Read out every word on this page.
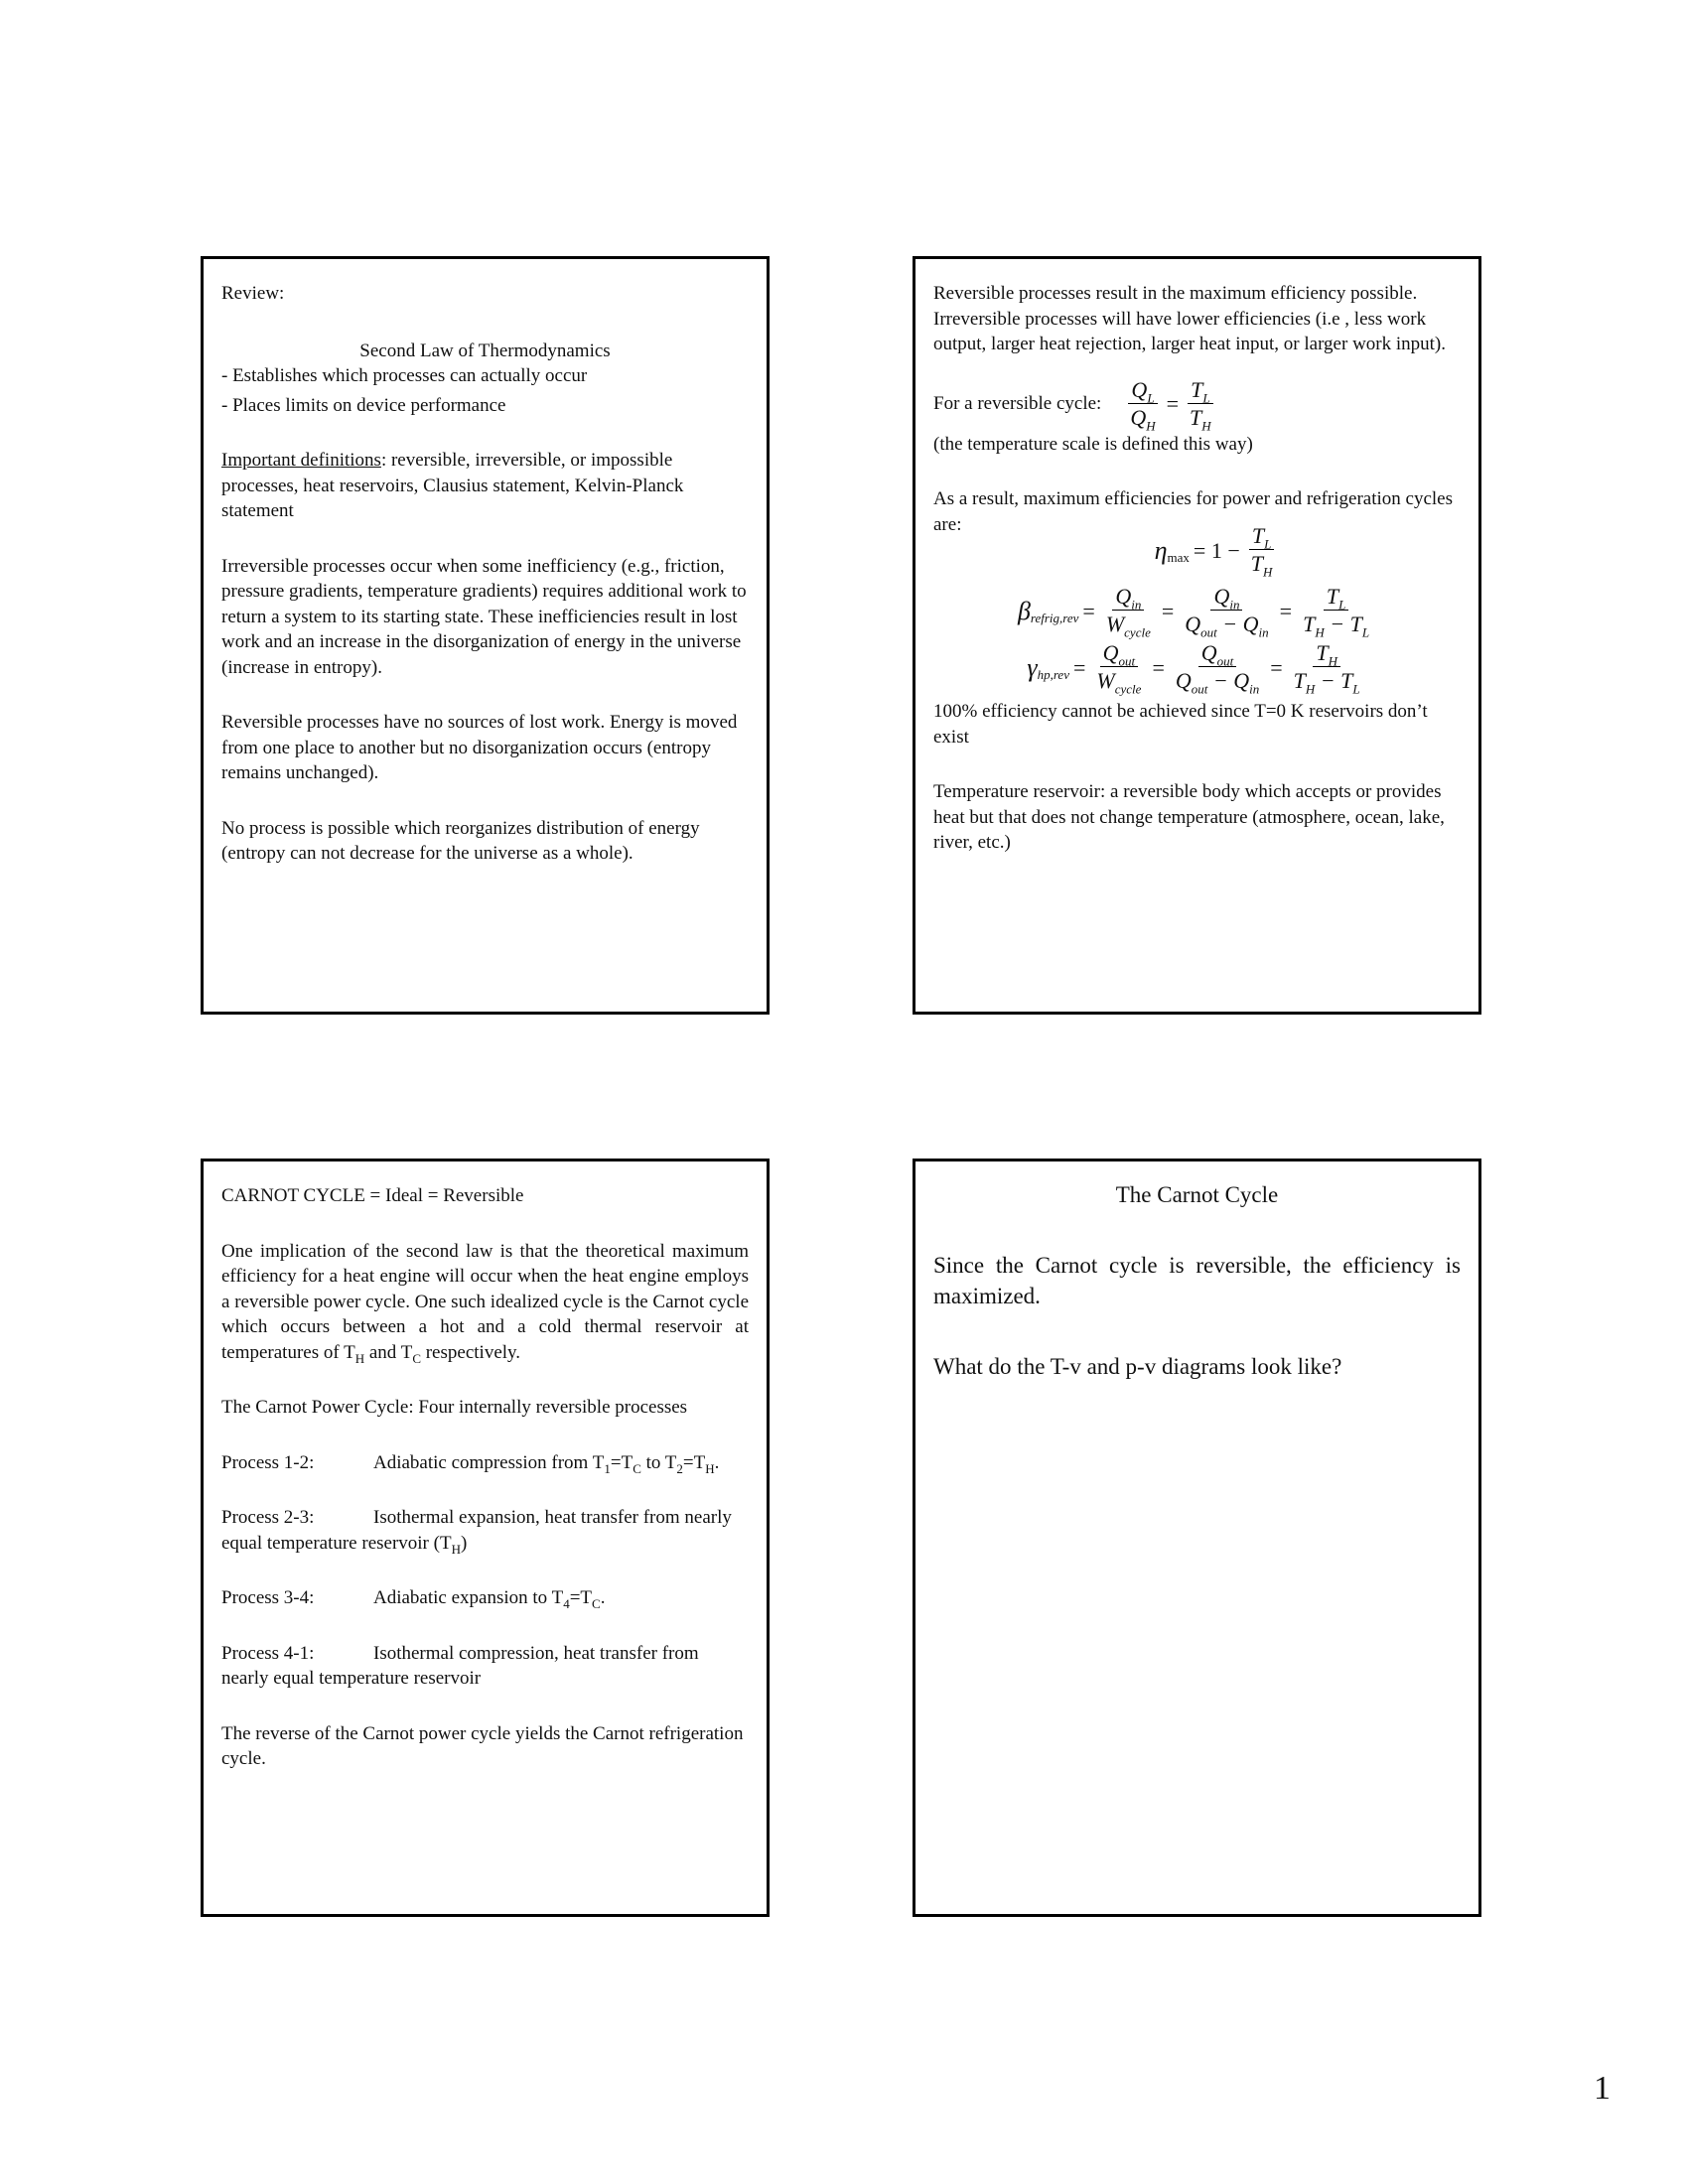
Review:

Second Law of Thermodynamics

- Establishes which processes can actually occur

- Places limits on device performance

Important definitions: reversible, irreversible, or impossible processes, heat reservoirs, Clausius statement, Kelvin-Planck statement

Irreversible processes occur when some inefficiency (e.g., friction, pressure gradients, temperature gradients) requires additional work to return a system to its starting state. These inefficiencies result in lost work and an increase in the disorganization of energy in the universe (increase in entropy).

Reversible processes have no sources of lost work. Energy is moved from one place to another but no disorganization occurs (entropy remains unchanged).

No process is possible which reorganizes distribution of energy (entropy can not decrease for the universe as a whole).

Reversible processes result in the maximum efficiency possible. Irreversible processes will have lower efficiencies (i.e , less work output, larger heat rejection, larger heat input, or larger work input).

For a reversible cycle: $\frac{Q_L}{Q_H} = \frac{T_L}{T_H}$

(the temperature scale is defined this way)

As a result, maximum efficiencies for power and refrigeration cycles are:

η $\max = 1 - \frac{T_L}{T_H}$
β refrig,rev = $\frac{Q_{in}}{W_{cycle}} = \frac{Q_{in}}{Q_{out} - Q_{in}} = \frac{T_L}{T_H - T_L}$
γ $hp,rev = \frac{Q_{out}}{W_{cycle}} = \frac{Q_{out}}{Q_{out} - Q_{in}} = \frac{T_H}{T_H - T_L}$

100% efficiency cannot be achieved since T=0 K reservoirs don’t exist

Temperature reservoir: a reversible body which accepts or provides heat but that does not change temperature (atmosphere, ocean, lake, river, etc.)

CARNOT CYCLE = Ideal = Reversible

One implication of the second law is that the theoretical maximum efficiency for a heat engine will occur when the heat engine employs a reversible power cycle. One such idealized cycle is the Carnot cycle which occurs between a hot and a cold thermal reservoir at temperatures of $T_H$ and $T_C$ respectively.

The Carnot Power Cycle: Four internally reversible processes

Process 1-2:	Adiabatic compression from $T_1=T_C$ to $T_2=T_H$.

Process 2-3:	Isothermal expansion, heat transfer from nearly equal temperature reservoir $(T_H)$

Process 3-4:	Adiabatic expansion to $T_4=T_C$.

Process 4-1:	Isothermal compression, heat transfer from nearly equal temperature reservoir

The reverse of the Carnot power cycle yields the Carnot refrigeration cycle.

The Carnot Cycle

Since the Carnot cycle is reversible, the efficiency is maximized.

What do the T-v and p-v diagrams look like?

1
